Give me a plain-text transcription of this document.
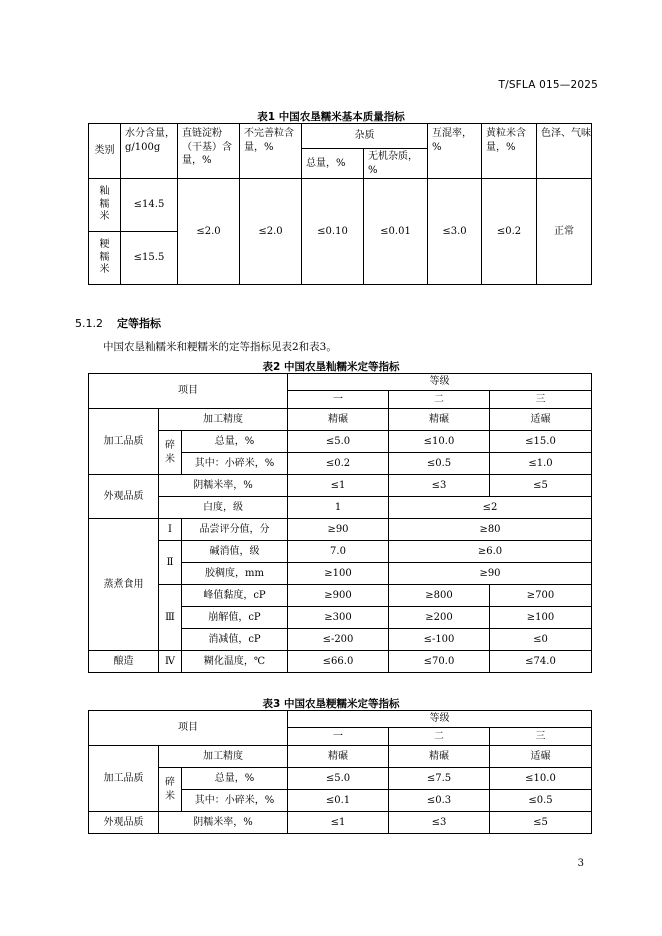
T/SFLA 015—2025
表1 中国农垦糯米基本质量指标
类别	水分含量，g/100g	直链淀粉（干基）含量，%	不完善粒含量，%	杂质		互混率，%	黄粒米含量，%	色泽、气味
				总量，%	无机杂质，%			

籼糯米	≤14.5	≤2.0	≤2.0	≤0.10	≤0.01	≤3.0	≤0.2	正常

粳糯米	≤15.5							
5.1.2 定等指标
中国农垦籼糯米和粳糯米的定等指标见表2和表3。
表2 中国农垦籼糯米定等指标
项目			等级		
			一	二	三
加工品质	加工精度		精碾	精碾	适碾

	碎米	总量，%	≤5.0	≤10.0	≤15.0
		其中：小碎米，%	≤0.2	≤0.5	≤1.0
外观品质	阴糯米率，%		≤1	≤3	≤5
	白度，级		1	≤2	
蒸煮食用	Ⅰ	品尝评分值，分	≥90	≥80	
	Ⅱ	碱消值，级	7.0	≥6.0	
		胶稠度，mm	≥100	≥90	
	Ⅲ	峰值黏度，cP	≥900	≥800	≥700
		崩解值，cP	≥300	≥200	≥100
		消减值，cP	≤-200	≤-100	≤0
酿造	Ⅳ	糊化温度，℃	≤66.0	≤70.0	≤74.0
表3 中国农垦粳糯米定等指标
项目			等级		
			一	二	三
加工品质	加工精度		精碾	精碾	适碾

	碎米	总量，%	≤5.0	≤7.5	≤10.0
		其中：小碎米，%	≤0.1	≤0.3	≤0.5
外观品质	阴糯米率，%		≤1	≤3	≤5
3
